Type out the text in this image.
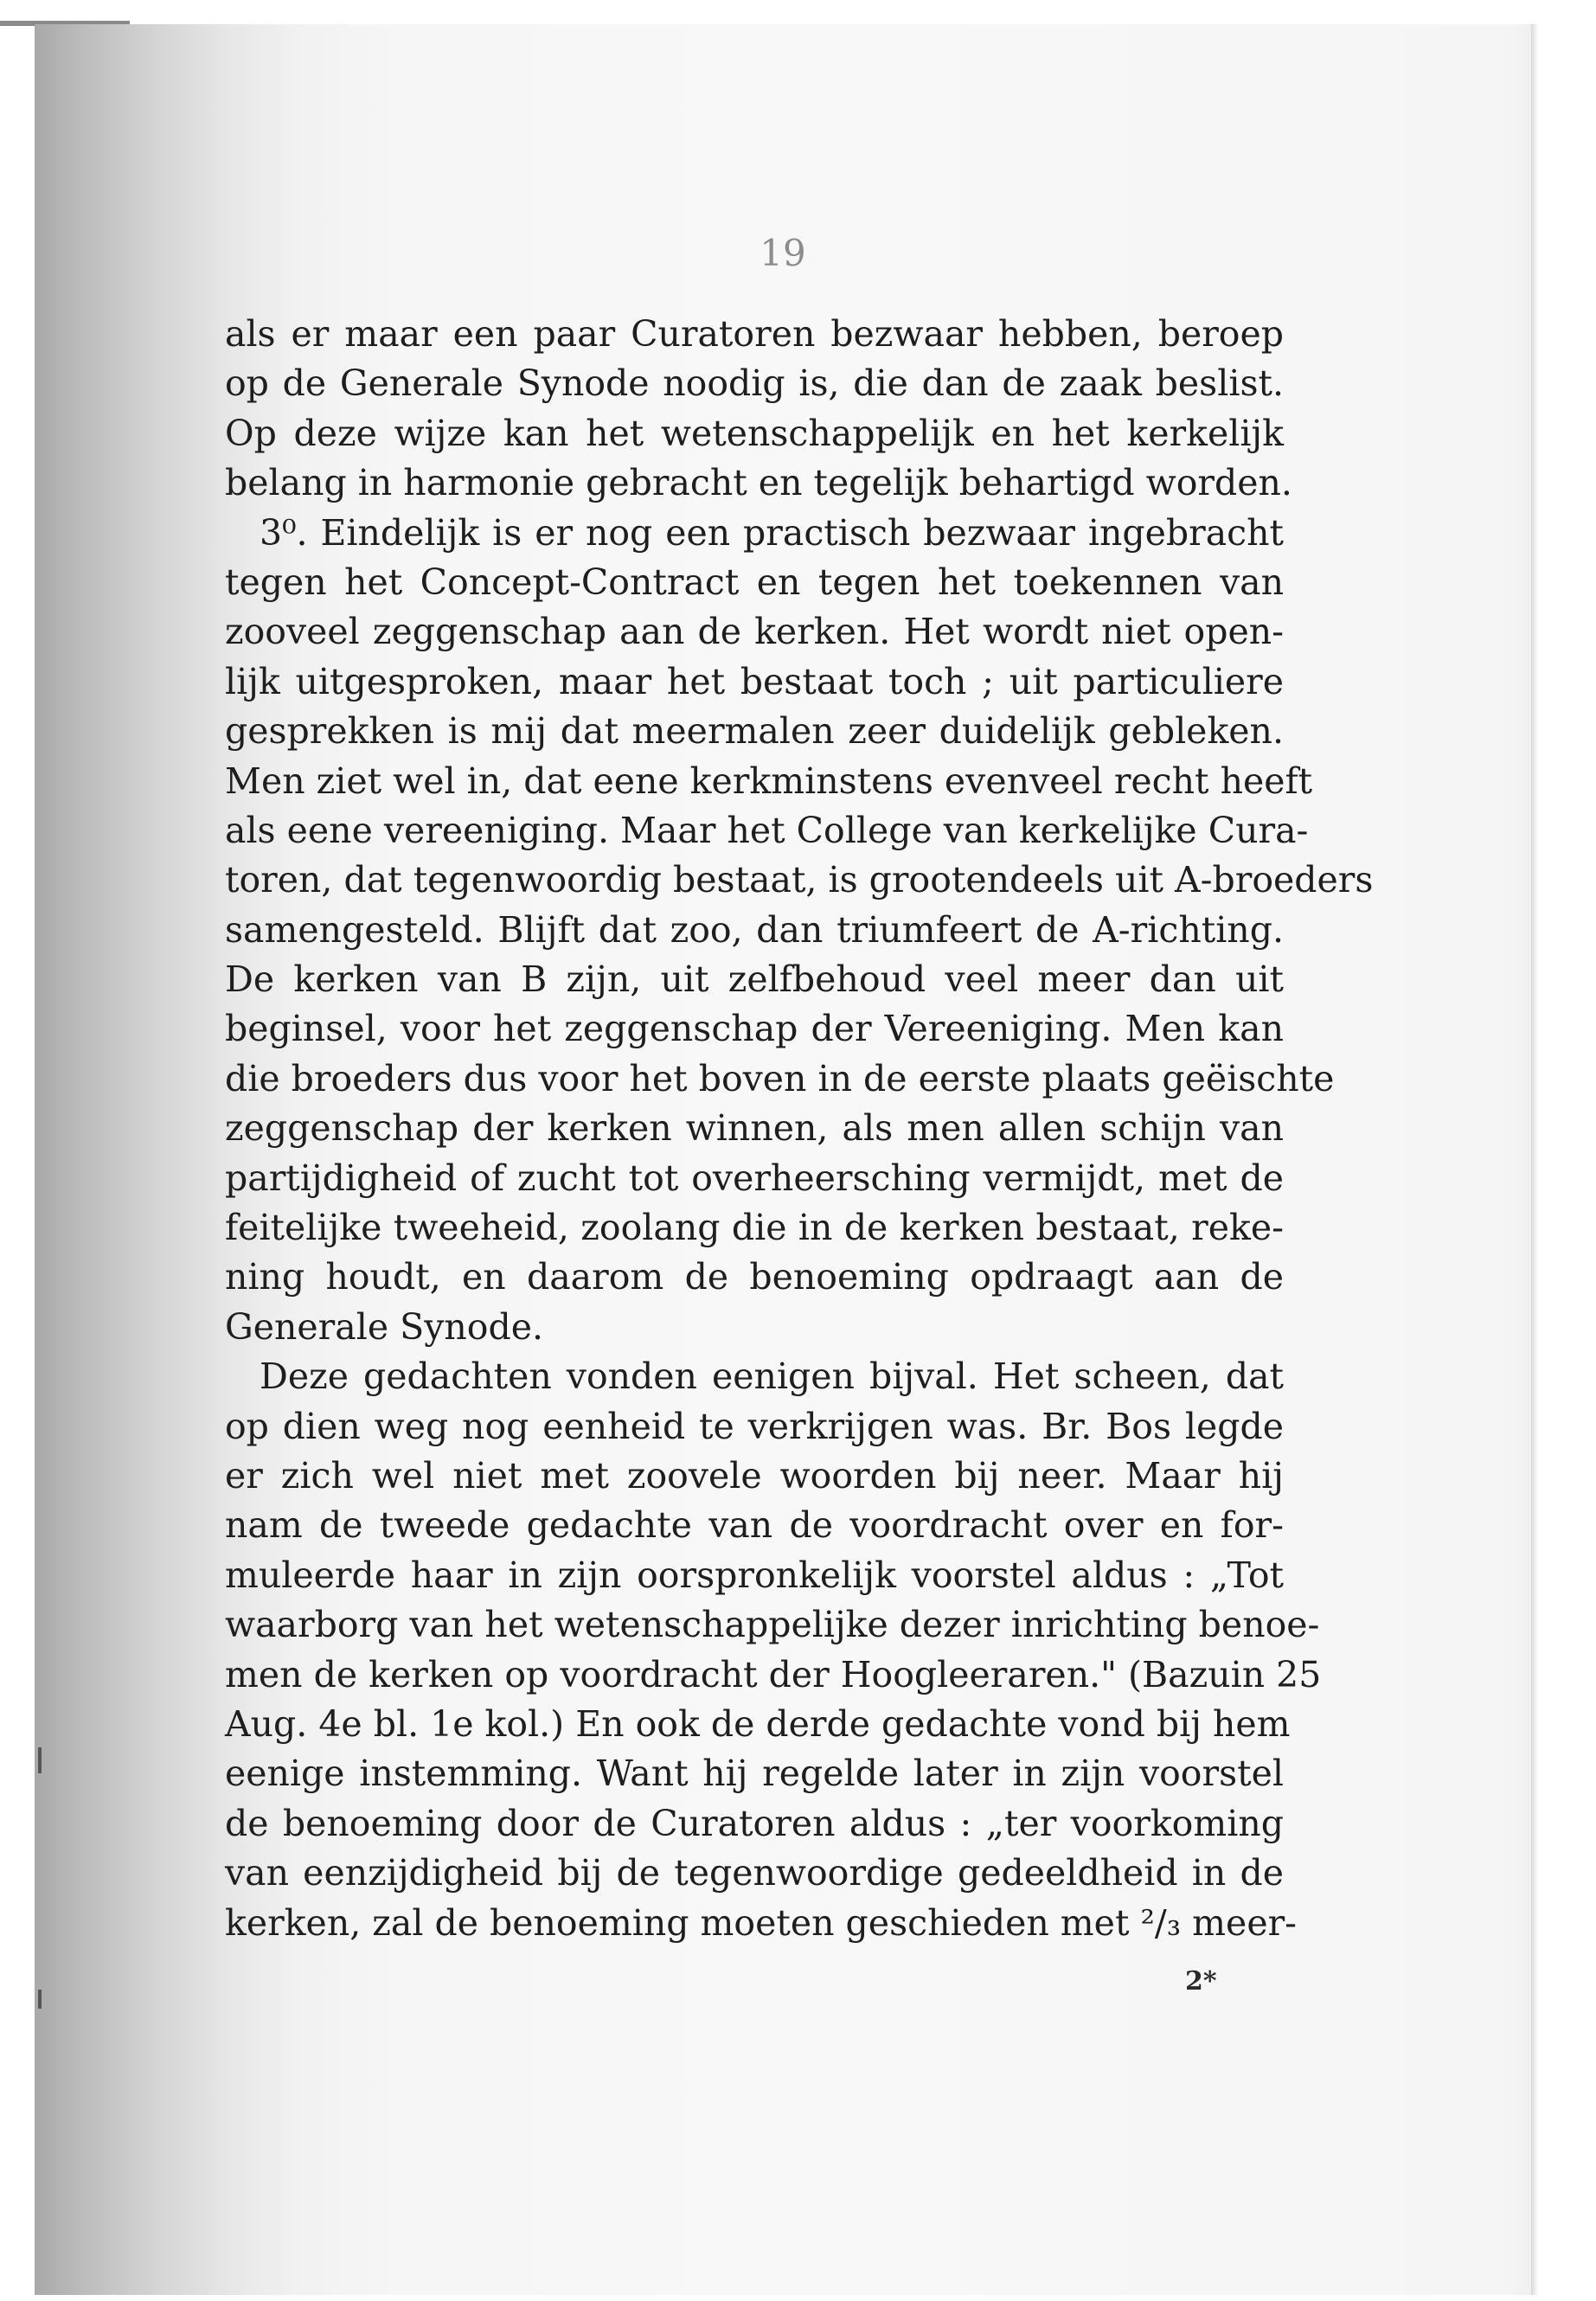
19
als er maar een paar Curatoren bezwaar hebben, beroep
op de Generale Synode noodig is, die dan de zaak beslist.
Op deze wijze kan het wetenschappelijk en het kerkelijk
belang in harmonie gebracht en tegelijk behartigd worden.
3⁰. Eindelijk is er nog een practisch bezwaar ingebracht
tegen het Concept-Contract en tegen het toekennen van
zooveel zeggenschap aan de kerken. Het wordt niet open-
lijk uitgesproken, maar het bestaat toch ; uit particuliere
gesprekken is mij dat meermalen zeer duidelijk gebleken.
Men ziet wel in, dat eene kerkminstens evenveel recht heeft
als eene vereeniging. Maar het College van kerkelijke Cura-
toren, dat tegenwoordig bestaat, is grootendeels uit A-broeders
samengesteld. Blijft dat zoo, dan triumfeert de A-richting.
De kerken van B zijn, uit zelfbehoud veel meer dan uit
beginsel, voor het zeggenschap der Vereeniging. Men kan
die broeders dus voor het boven in de eerste plaats geëischte
zeggenschap der kerken winnen, als men allen schijn van
partijdigheid of zucht tot overheersching vermijdt, met de
feitelijke tweeheid, zoolang die in de kerken bestaat, reke-
ning houdt, en daarom de benoeming opdraagt aan de
Generale Synode.
Deze gedachten vonden eenigen bijval. Het scheen, dat
op dien weg nog eenheid te verkrijgen was. Br. Bos legde
er zich wel niet met zoovele woorden bij neer. Maar hij
nam de tweede gedachte van de voordracht over en for-
muleerde haar in zijn oorspronkelijk voorstel aldus : „Tot
waarborg van het wetenschappelijke dezer inrichting benoe-
men de kerken op voordracht der Hoogleeraren." (Bazuin 25
Aug. 4e bl. 1e kol.) En ook de derde gedachte vond bij hem
eenige instemming. Want hij regelde later in zijn voorstel
de benoeming door de Curatoren aldus : „ter voorkoming
van eenzijdigheid bij de tegenwoordige gedeeldheid in de
kerken, zal de benoeming moeten geschieden met ²/₃ meer-
2*
